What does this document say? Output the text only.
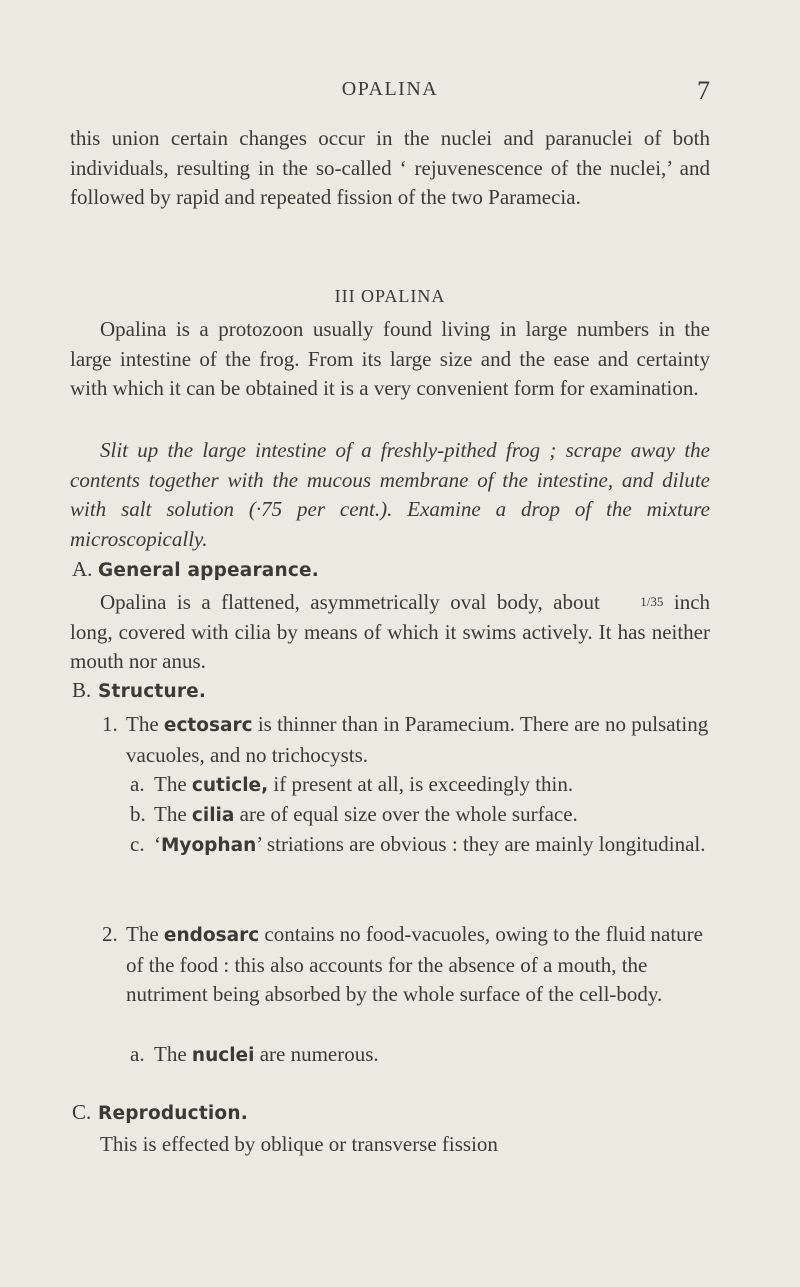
OPALINA	7

this union certain changes occur in the nuclei and paranuclei of both individuals, resulting in the so-called ‘ rejuvenescence of the nuclei,’ and followed by rapid and repeated fission of the two Paramecia.

III OPALINA

Opalina is a protozoon usually found living in large numbers in the large intestine of the frog. From its large size and the ease and certainty with which it can be obtained it is a very convenient form for examination.

Slit up the large intestine of a freshly-pithed frog ; scrape away the contents together with the mucous membrane of the intestine, and dilute with salt solution (·75 per cent.). Examine a drop of the mixture microscopically.

A. General appearance.

Opalina is a flattened, asymmetrically oval body, about	1/35 inch long, covered with cilia by means of which it swims actively. It has neither mouth nor anus.

B. Structure.
1. The ectosarc is thinner than in Paramecium. There are no pulsating vacuoles, and no trichocysts.
a. The cuticle, if present at all, is exceedingly thin.
b. The cilia are of equal size over the whole surface.
c. ‘Myophan’ striations are obvious : they are mainly longitudinal.
2. The endosarc contains no food-vacuoles, owing to the fluid nature of the food : this also accounts for the absence of a mouth, the nutriment being absorbed by the whole surface of the cell-body.
a. The nuclei are numerous.
C. Reproduction.

This is effected by oblique or transverse fission
